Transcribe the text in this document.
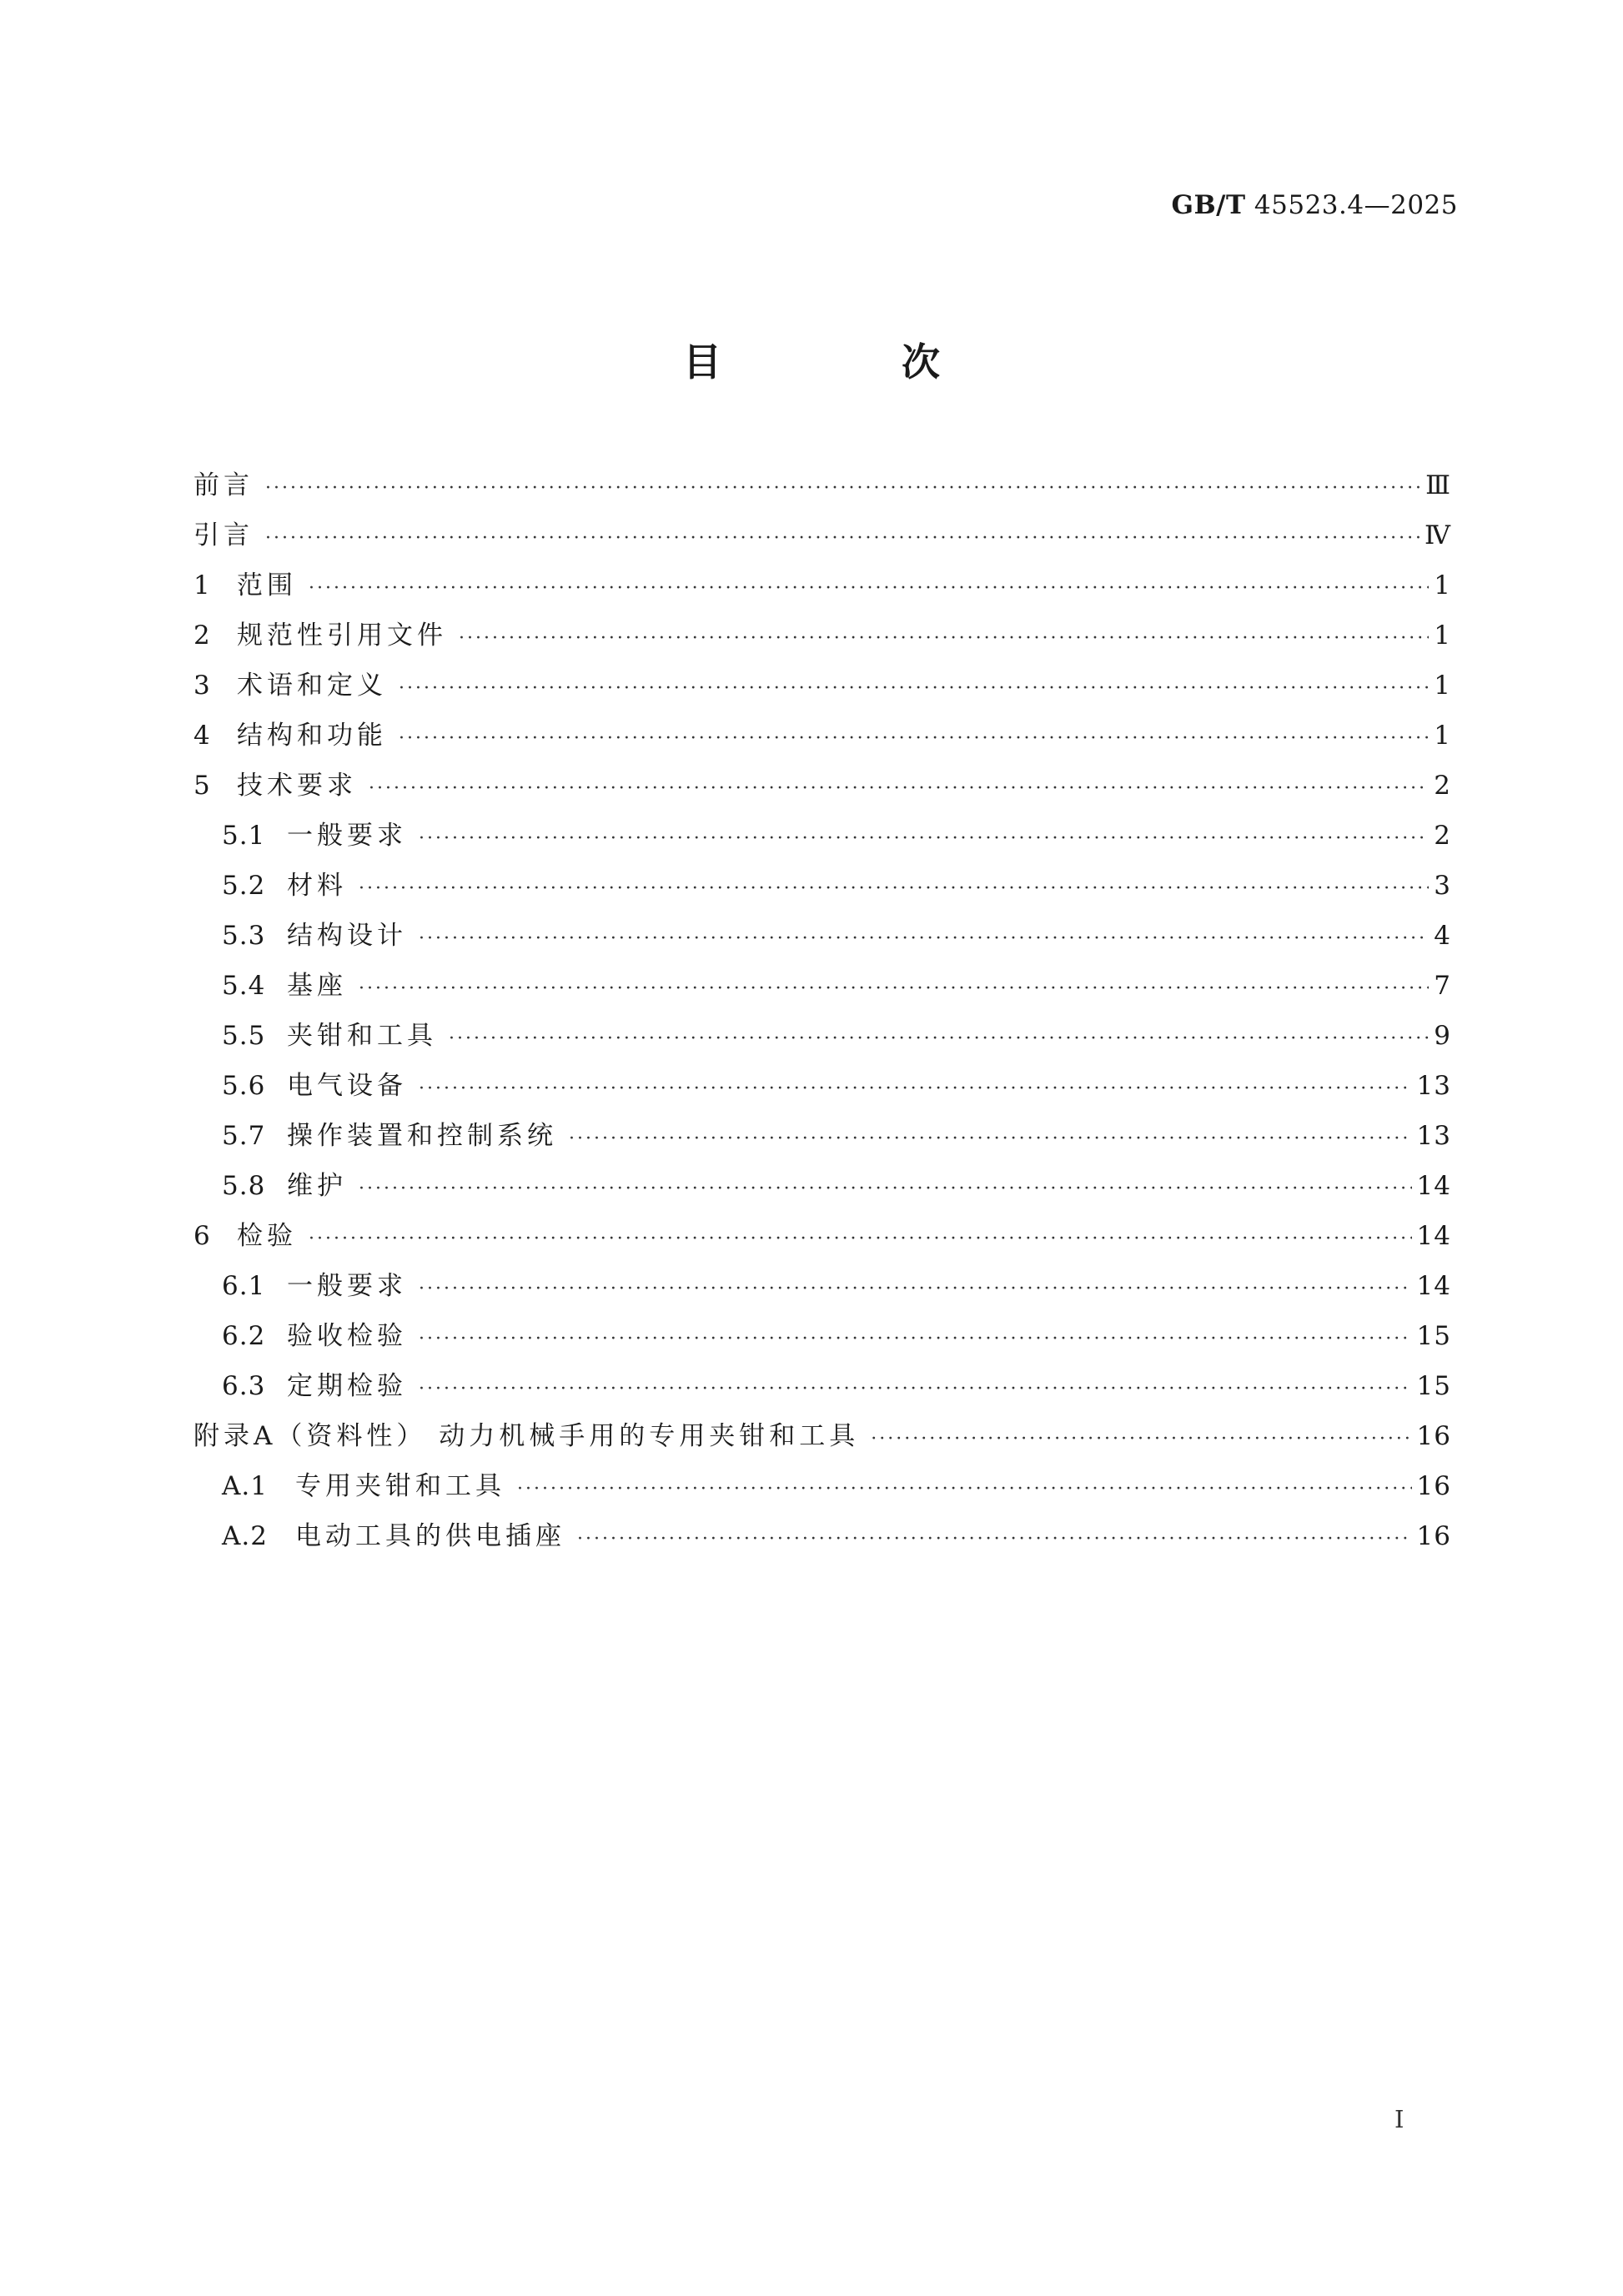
GB/T 45523.4—2025
目 次
前言 ·····	Ⅲ
引言 ·····	Ⅳ
1	范围 ·····	1
2	规范性引用文件 ·····	1
3	术语和定义 ·····	1
4	结构和功能 ·····	1
5	技术要求 ·····	2
5.1 一般要求 ·····	2
5.2 材料 ·····	3
5.3 结构设计 ·····	4
5.4 基座 ·····	7
5.5 夹钳和工具 ·····	9
5.6 电气设备 ·····	13
5.7 操作装置和控制系统 ·····	13
5.8 维护 ·····	14
6	检验 ·····	14
6.1 一般要求 ·····	14
6.2 验收检验 ·····	15
6.3 定期检验 ·····	15
附录A（资料性） 动力机械手用的专用夹钳和工具 ·····	16
A.1	专用夹钳和工具 ·····	16
A.2	电动工具的供电插座 ·····	16
I
